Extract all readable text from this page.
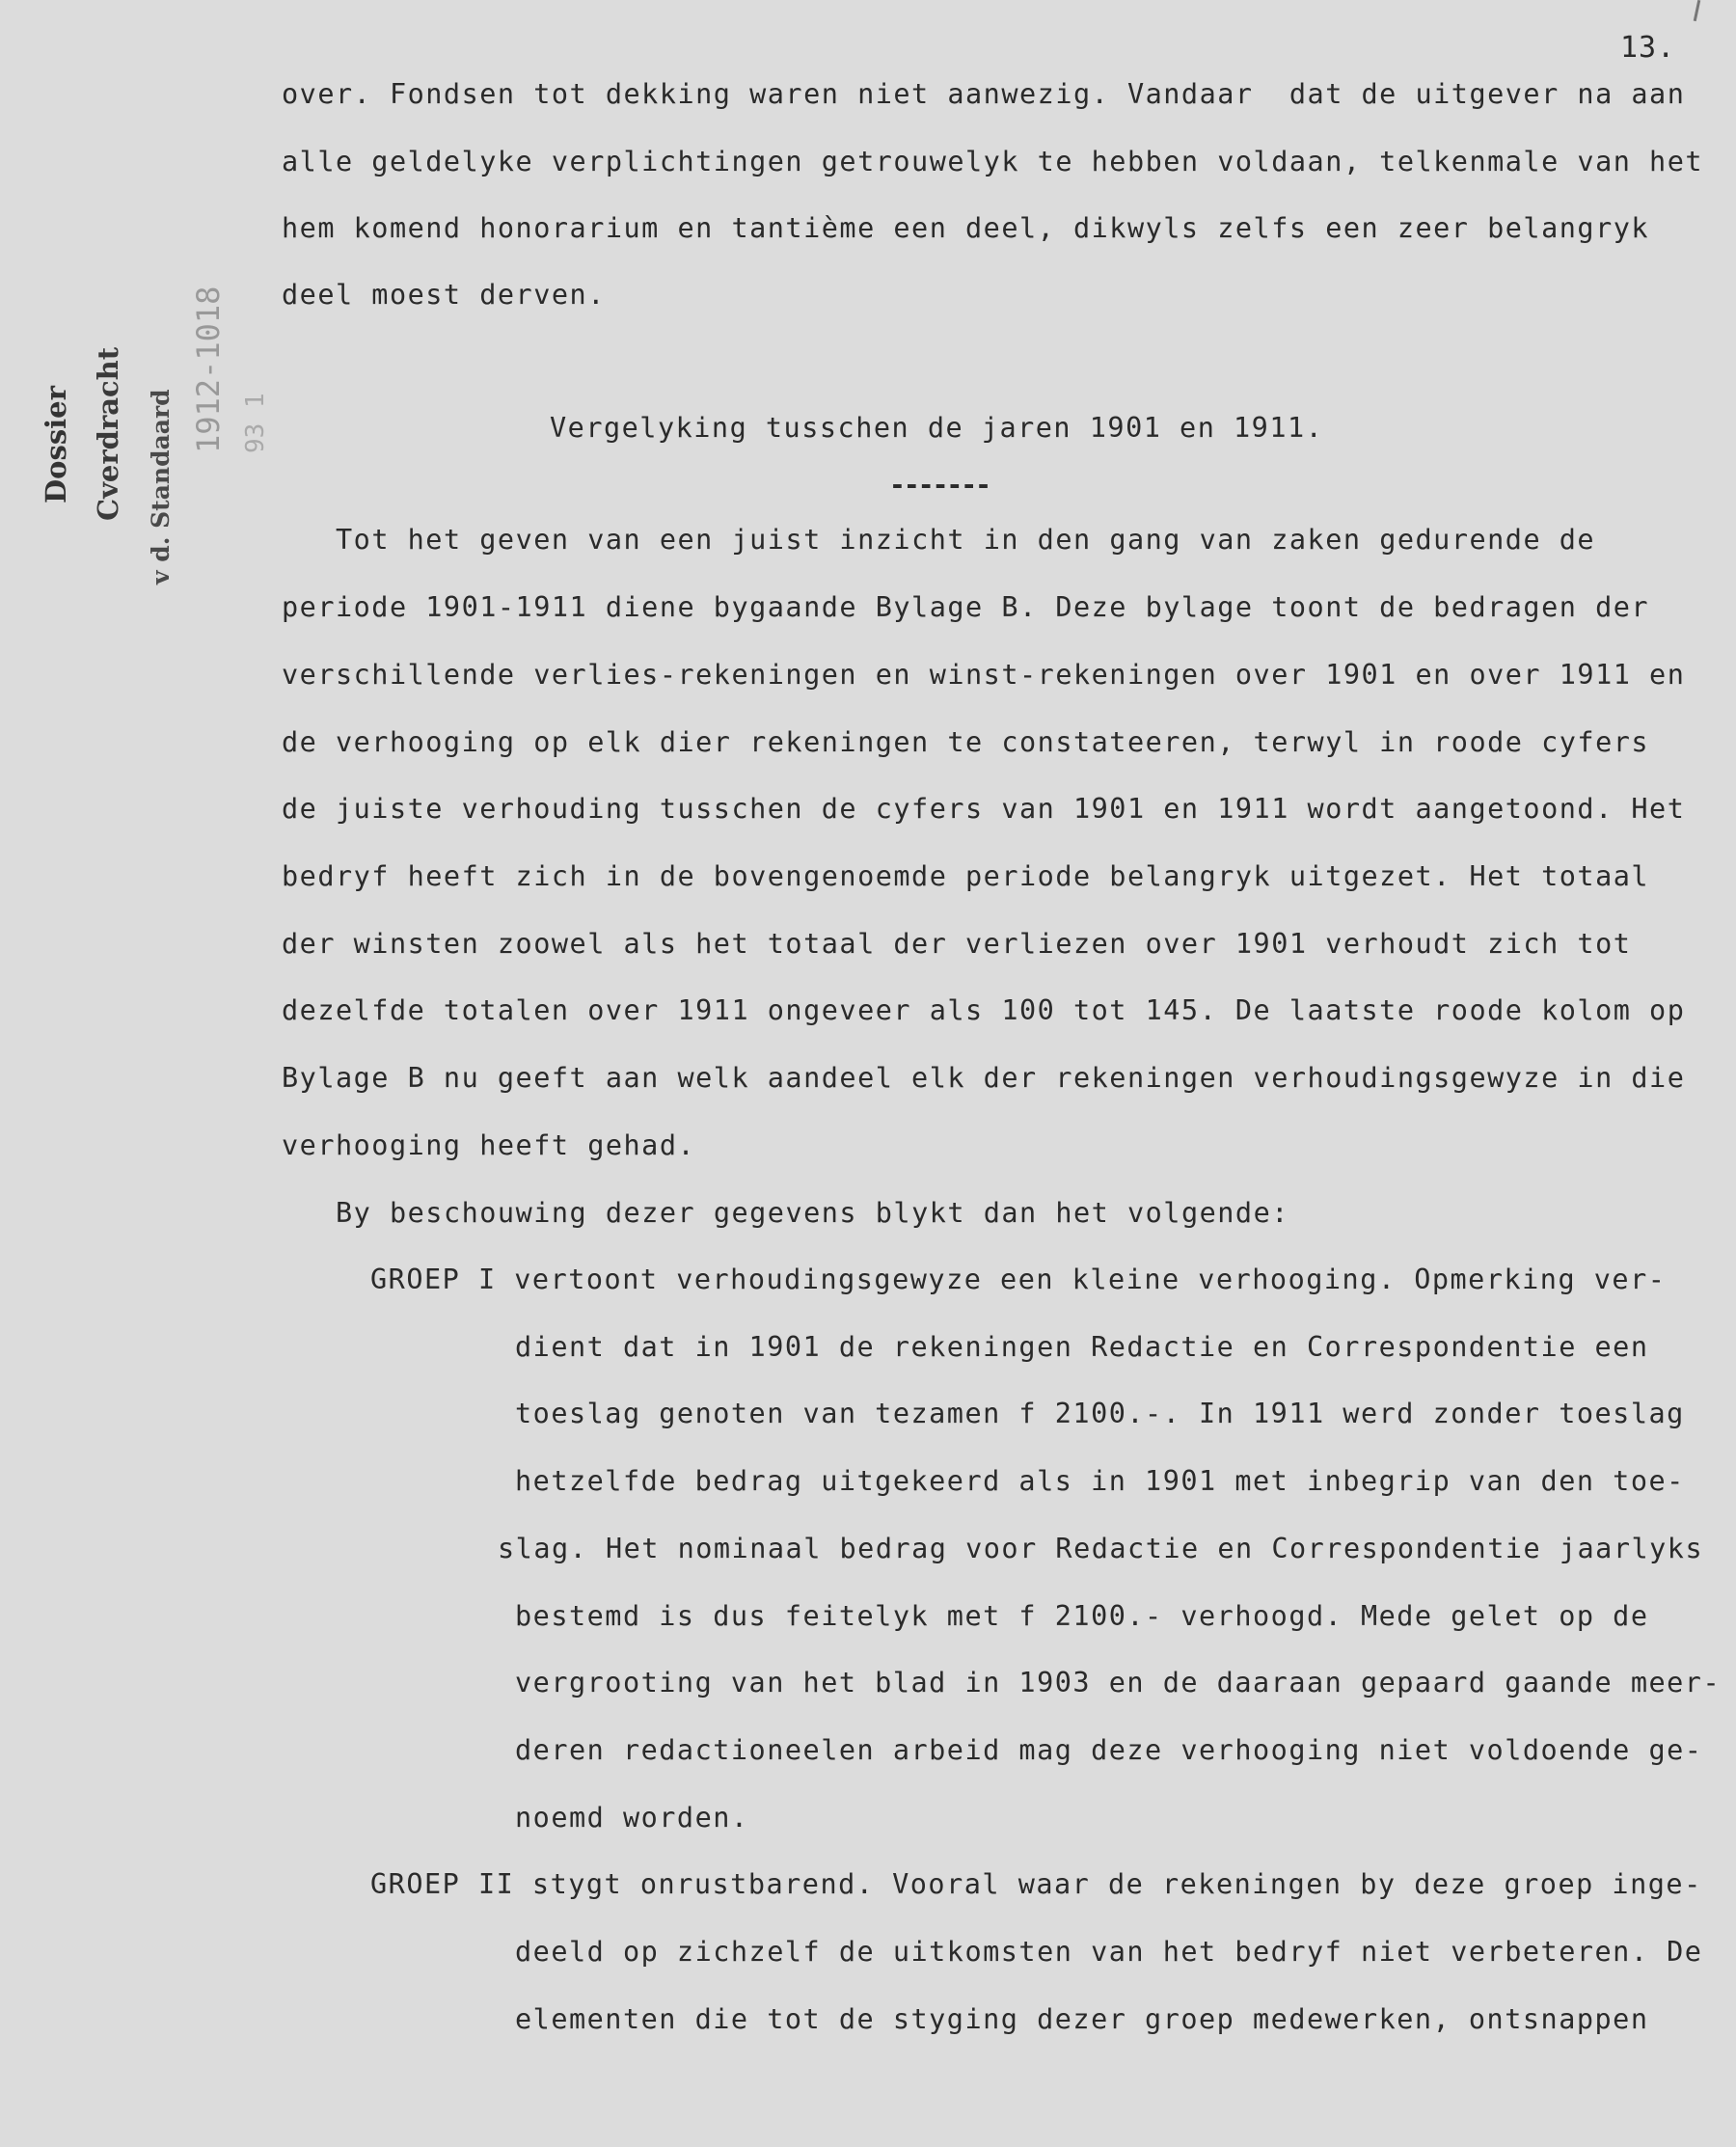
13.
Dossier Cverdracht v d. Standaard
1912-1018 93 1
over. Fondsen tot dekking waren niet aanwezig. Vandaar  dat de uitgever na aan
alle geldelyke verplichtingen getrouwelyk te hebben voldaan, telkenmale van het
hem komend honorarium en tantième een deel, dikwyls zelfs een zeer belangryk
deel moest derven.
Vergelyking tusschen de jaren 1901 en 1911.
-------
Tot het geven van een juist inzicht in den gang van zaken gedurende de
periode 1901-1911 diene bygaande Bylage B. Deze bylage toont de bedragen der
verschillende verlies-rekeningen en winst-rekeningen over 1901 en over 1911 en
de verhooging op elk dier rekeningen te constateeren, terwyl in roode cyfers
de juiste verhouding tusschen de cyfers van 1901 en 1911 wordt aangetoond. Het
bedryf heeft zich in de bovengenoemde periode belangryk uitgezet. Het totaal
der winsten zoowel als het totaal der verliezen over 1901 verhoudt zich tot
dezelfde totalen over 1911 ongeveer als 100 tot 145. De laatste roode kolom op
Bylage B nu geeft aan welk aandeel elk der rekeningen verhoudingsgewyze in die
verhooging heeft gehad.
By beschouwing dezer gegevens blykt dan het volgende:
GROEP I vertoont verhoudingsgewyze een kleine verhooging. Opmerking ver-
dient dat in 1901 de rekeningen Redactie en Correspondentie een
toeslag genoten van tezamen f 2100.-. In 1911 werd zonder toeslag
hetzelfde bedrag uitgekeerd als in 1901 met inbegrip van den toe-
slag. Het nominaal bedrag voor Redactie en Correspondentie jaarlyks
bestemd is dus feitelyk met f 2100.- verhoogd. Mede gelet op de
vergrooting van het blad in 1903 en de daaraan gepaard gaande meer-
deren redactioneelen arbeid mag deze verhooging niet voldoende ge-
noemd worden.
GROEP II stygt onrustbarend. Vooral waar de rekeningen by deze groep inge-
deeld op zichzelf de uitkomsten van het bedryf niet verbeteren. De
elementen die tot de styging dezer groep medewerken, ontsnappen
